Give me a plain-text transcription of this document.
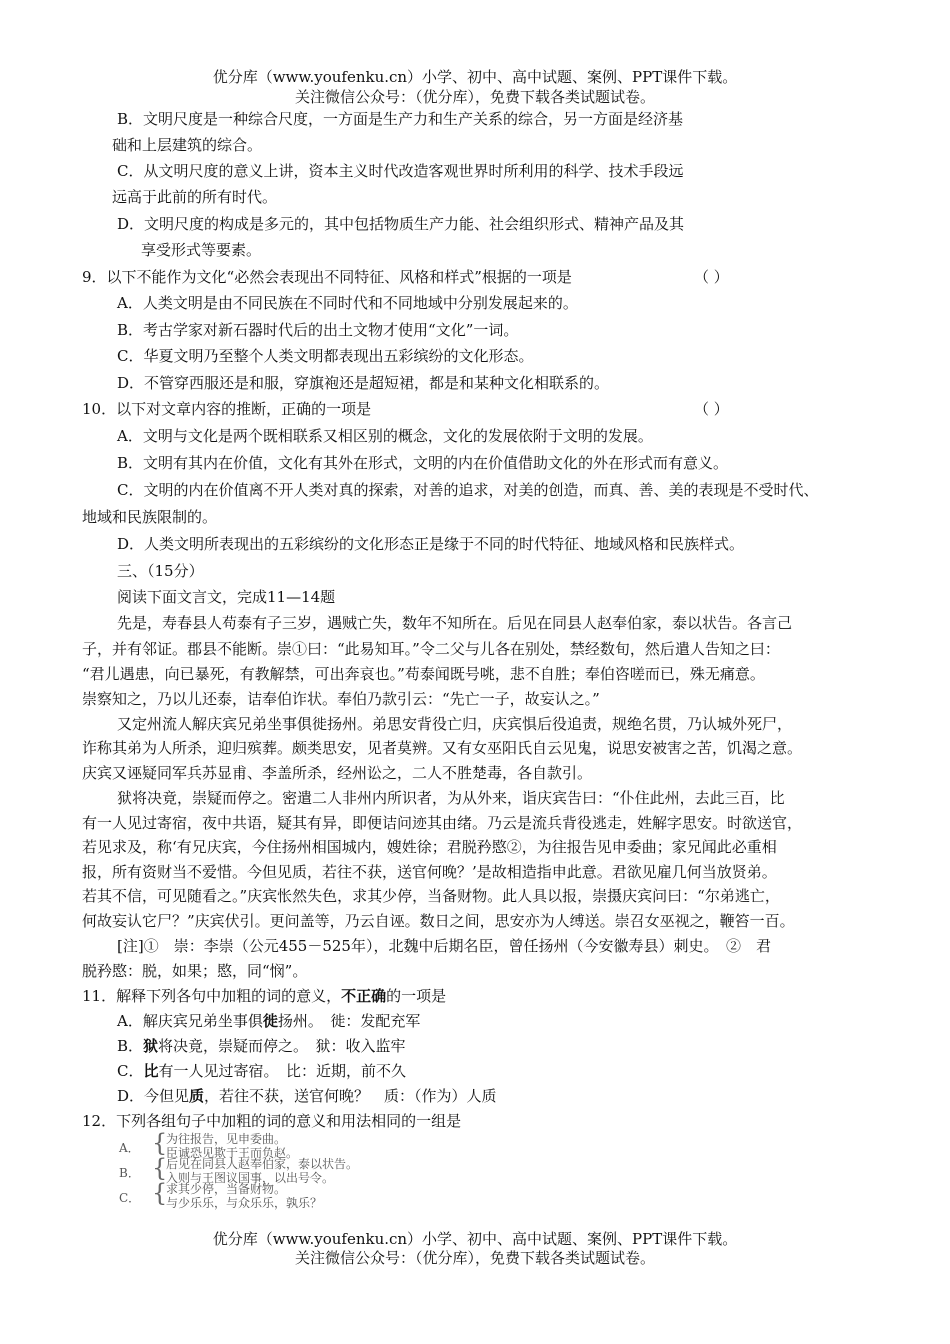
优分库（www.youfenku.cn）小学、初中、高中试题、案例、PPT课件下载。
关注微信公众号：（优分库），免费下载各类试题试卷。
B．文明尺度是一种综合尺度，一方面是生产力和生产关系的综合，另一方面是经济基
础和上层建筑的综合。
C．从文明尺度的意义上讲，资本主义时代改造客观世界时所利用的科学、技术手段远
远高于此前的所有时代。
D．文明尺度的构成是多元的，其中包括物质生产力能、社会组织形式、精神产品及其
享受形式等要素。
9．以下不能作为文化“必然会表现出不同特征、风格和样式”根据的一项是	（ ）
A．人类文明是由不同民族在不同时代和不同地域中分别发展起来的。
B．考古学家对新石器时代后的出土文物才使用“文化”一词。
C．华夏文明乃至整个人类文明都表现出五彩缤纷的文化形态。
D．不管穿西服还是和服，穿旗袍还是超短裙，都是和某种文化相联系的。
10．以下对文章内容的推断，正确的一项是	（ ）
A．文明与文化是两个既相联系又相区别的概念，文化的发展依附于文明的发展。
B．文明有其内在价值，文化有其外在形式，文明的内在价值借助文化的外在形式而有意义。
C．文明的内在价值离不开人类对真的探索，对善的追求，对美的创造，而真、善、美的表现是不受时代、
地域和民族限制的。
D．人类文明所表现出的五彩缤纷的文化形态正是缘于不同的时代特征、地域风格和民族样式。
三、（15分）
阅读下面文言文，完成11—14题
先是，寿春县人苟泰有子三岁，遇贼亡失，数年不知所在。后见在同县人赵奉伯家，泰以状告。各言己
子，并有邻证。郡县不能断。崇①曰：“此易知耳。”令二父与儿各在别处，禁经数旬，然后遣人告知之曰：
“君儿遇患，向已暴死，有教解禁，可出奔哀也。”苟泰闻既号咷，悲不自胜；奉伯咨嗟而已，殊无痛意。
崇察知之，乃以儿还泰，诘奉伯诈状。奉伯乃款引云：“先亡一子，故妄认之。”
又定州流人解庆宾兄弟坐事俱徙扬州。弟思安背役亡归，庆宾惧后役追责，规绝名贯，乃认城外死尸，
诈称其弟为人所杀，迎归殡葬。颇类思安，见者莫辨。又有女巫阳氏自云见鬼，说思安被害之苦，饥渴之意。
庆宾又诬疑同军兵苏显甫、李盖所杀，经州讼之，二人不胜楚毒，各自款引。
狱将决竟，崇疑而停之。密遣二人非州内所识者，为从外来，诣庆宾告曰：“仆住此州，去此三百，比
有一人见过寄宿，夜中共语，疑其有异，即便诘问迹其由绪。乃云是流兵背役逃走，姓解字思安。时欲送官，
若见求及，称‘有兄庆宾，今住扬州相国城内，嫂姓徐；君脱矜愍②，为往报告见申委曲；家兄闻此必重相
报，所有资财当不爱惜。今但见质，若往不获，送官何晚？’是故相造指申此意。君欲见雇几何当放贤弟。
若其不信，可见随看之。”庆宾怅然失色，求其少停，当备财物。此人具以报，崇摄庆宾问曰：“尔弟逃亡，
何故妄认它尸？”庆宾伏引。更问盖等，乃云自诬。数日之间，思安亦为人缚送。崇召女巫视之，鞭笞一百。
[注]①　崇：李崇（公元455－525年），北魏中后期名臣，曾任扬州（今安徽寿县）刺史。　②　君
脱矜愍：脱，如果；愍，同“悯”。
11．解释下列各句中加粗的词的意义，不正确的一项是
A．解庆宾兄弟坐事俱徙扬州。　徙：发配充军
B．狱将决竟，崇疑而停之。　狱：收入监牢
C．比有一人见过寄宿。　比：近期，前不久
D．今但见质，若往不获，送官何晚？　质：（作为）人质
12．下列各组句子中加粗的词的意义和用法相同的一组是
A． {
为往报告，见申委曲。
臣诚恐见欺于王而负赵。
B． {
后见在同县人赵奉伯家，泰以状告。
入则与王图议国事，以出号令。
C． {
求其少停，当备财物。
与少乐乐，与众乐乐，孰乐？
优分库（www.youfenku.cn）小学、初中、高中试题、案例、PPT课件下载。
关注微信公众号：（优分库），免费下载各类试题试卷。
